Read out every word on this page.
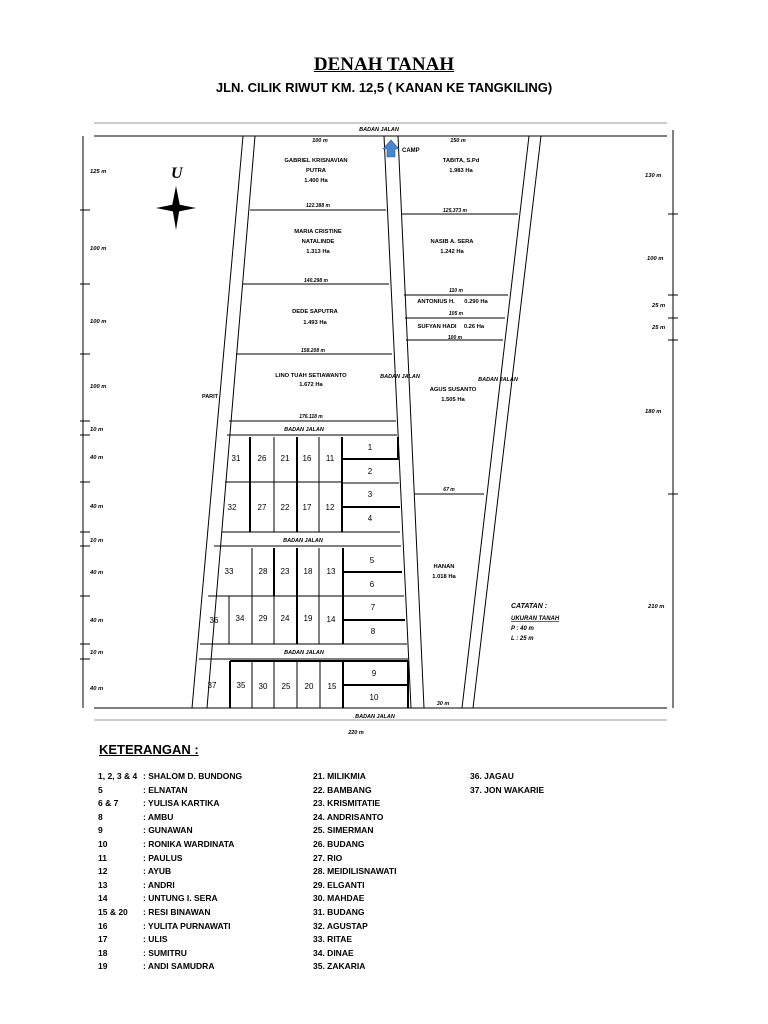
DENAH TANAH
JLN. CILIK RIWUT KM. 12,5 ( KANAN KE TANGKILING)
U
CAMP
BADAN JALAN
BADAN JALAN
BADAN JALAN
BADAN JALAN
BADAN JALAN
BADAN JALAN	BADAN JALAN
100 m	150 m
220 m
30 m
PARIT
125 m
100 m
100 m
100 m
10 m
40 m
40 m
10 m
40 m
40 m
10 m
40 m
130 m
100 m
25 m
25 m
180 m
210 m
GABRIEL KRISNAVIAN
PUTRA
1.400 Ha
122.388 m
MARIA CRISTINE
NATALINDE
1.313 Ha
140.298 m
DEDE SAPUTRA
1.493 Ha
158.208 m
LINO TUAH SETIAWANTO
1.672 Ha
176.118 m
TABITA, S.Pd
1.983 Ha
125.373 m
NASIB A. SERA
1.242 Ha
110 m
ANTONIUS H. 0.290 Ha
105 m
SUFYAN HADI 0.26 Ha
100 m
AGUS SUSANTO
1.505 Ha
67 m
HANAN
1.018 Ha
31 26 21 16 11
32	27 22 17 12
1
2
3
4
33	28 23 18 13
36 34 29 24 19 14
5
6
7
8
37	35 30 25 20 15
9
10
CATATAN :
UKURAN TANAH
P : 40 m
L : 25 m
KETERANGAN :
1, 2, 3 & 4 : SHALOM D. BUNDONG
5	: ELNATAN
6 & 7	: YULISA KARTIKA
8	: AMBU
9	: GUNAWAN
10	: RONIKA WARDINATA
11	: PAULUS
12	: AYUB
13	: ANDRI
14	: UNTUNG I. SERA
15 & 20 : RESI BINAWAN
16	: YULITA PURNAWATI
17	: ULIS
18	: SUMITRU
19	: ANDI SAMUDRA
21. MILIKMIA
22. BAMBANG
23. KRISMITATIE
24. ANDRISANTO
25. SIMERMAN
26. BUDANG
27. RIO
28. MEIDILISNAWATI
29. ELGANTI
30. MAHDAE
31. BUDANG
32. AGUSTAP
33. RITAE
34. DINAE
35. ZAKARIA
36. JAGAU
37. JON WAKARIE
